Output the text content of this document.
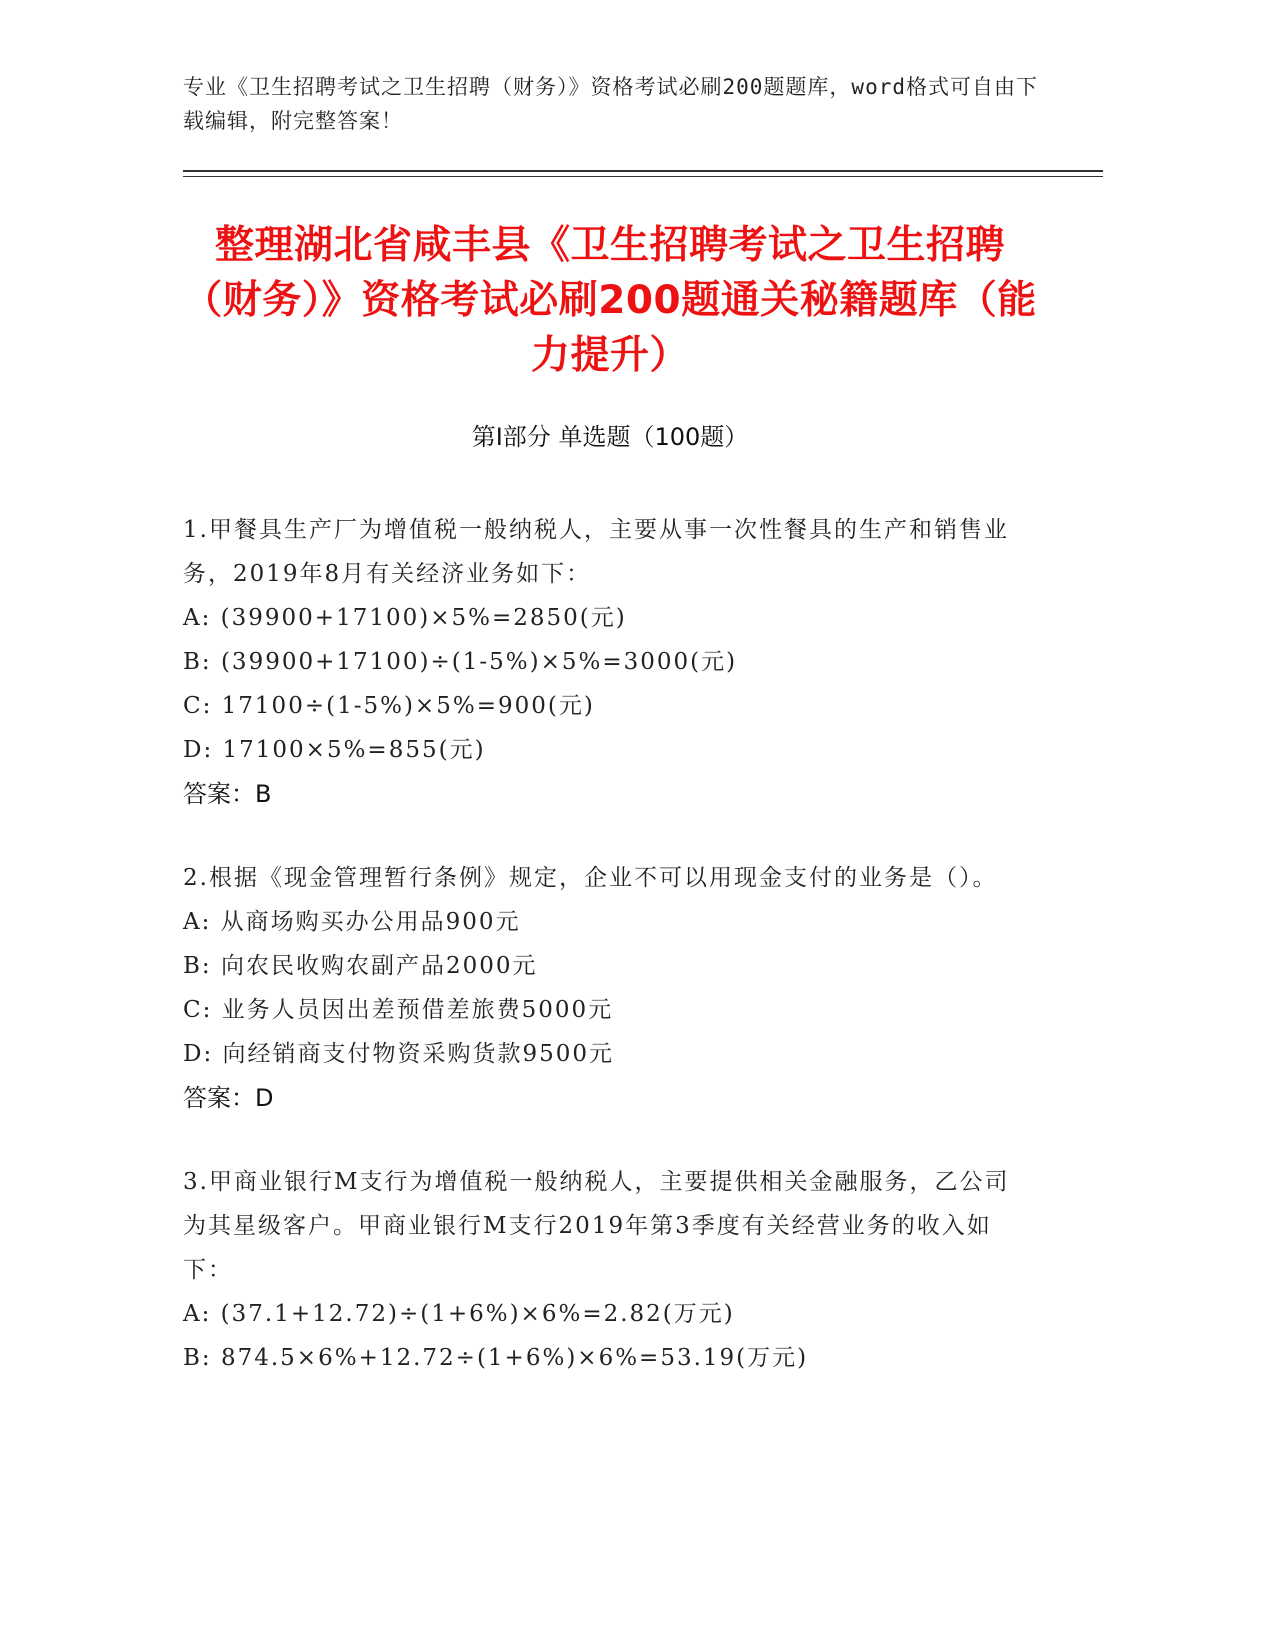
专业《卫生招聘考试之卫生招聘（财务）》资格考试必刷200题题库，word格式可自由下载编辑，附完整答案！
整理湖北省咸丰县《卫生招聘考试之卫生招聘（财务）》资格考试必刷200题通关秘籍题库（能力提升）
第Ⅰ部分 单选题（100题）
1.甲餐具生产厂为增值税一般纳税人，主要从事一次性餐具的生产和销售业务，2019年8月有关经济业务如下：
A: (39900+17100)×5%=2850(元)
B: (39900+17100)÷(1-5%)×5%=3000(元)
C: 17100÷(1-5%)×5%=900(元)
D: 17100×5%=855(元)
答案：B
2.根据《现金管理暂行条例》规定，企业不可以用现金支付的业务是（）。
A: 从商场购买办公用品900元
B: 向农民收购农副产品2000元
C: 业务人员因出差预借差旅费5000元
D: 向经销商支付物资采购货款9500元
答案：D
3.甲商业银行M支行为增值税一般纳税人，主要提供相关金融服务，乙公司为其星级客户。甲商业银行M支行2019年第3季度有关经营业务的收入如下：
A: (37.1+12.72)÷(1+6%)×6%=2.82(万元)
B: 874.5×6%+12.72÷(1+6%)×6%=53.19(万元)
